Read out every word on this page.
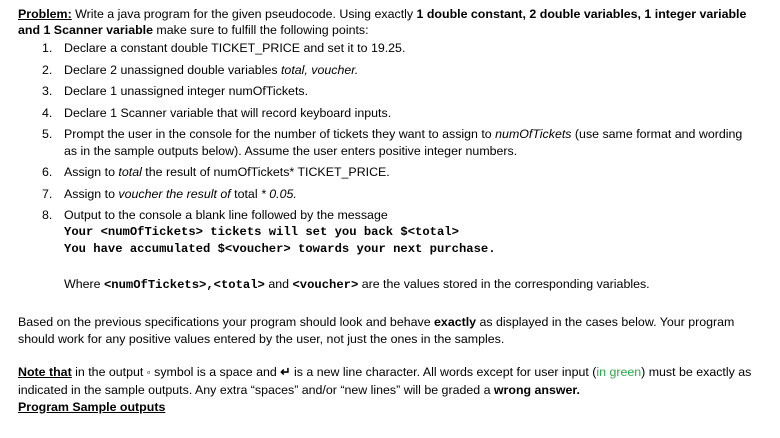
Problem: Write a java program for the given pseudocode. Using exactly 1 double constant, 2 double variables, 1 integer variable and 1 Scanner variable make sure to fulfill the following points:

1. Declare a constant double TICKET_PRICE and set it to 19.25.
2. Declare 2 unassigned double variables total, voucher.
3. Declare 1 unassigned integer numOfTickets.
4. Declare 1 Scanner variable that will record keyboard inputs.
5. Prompt the user in the console for the number of tickets they want to assign to numOfTickets (use same format and wording as in the sample outputs below). Assume the user enters positive integer numbers.
6. Assign to total the result of numOfTickets* TICKET_PRICE.
7. Assign to voucher the result of total * 0.05.
8. Output to the console a blank line followed by the message
Your <numOfTickets> tickets will set you back $<total>
You have accumulated $<voucher> towards your next purchase.

Where <numOfTickets>,<total> and <voucher> are the values stored in the corresponding variables.

Based on the previous specifications your program should look and behave exactly as displayed in the cases below. Your program should work for any positive values entered by the user, not just the ones in the samples.

Note that in the output ◦ symbol is a space and ↵ is a new line character. All words except for user input (in green) must be exactly as indicated in the sample outputs. Any extra “spaces” and/or “new lines” will be graded a wrong answer.
Program Sample outputs
